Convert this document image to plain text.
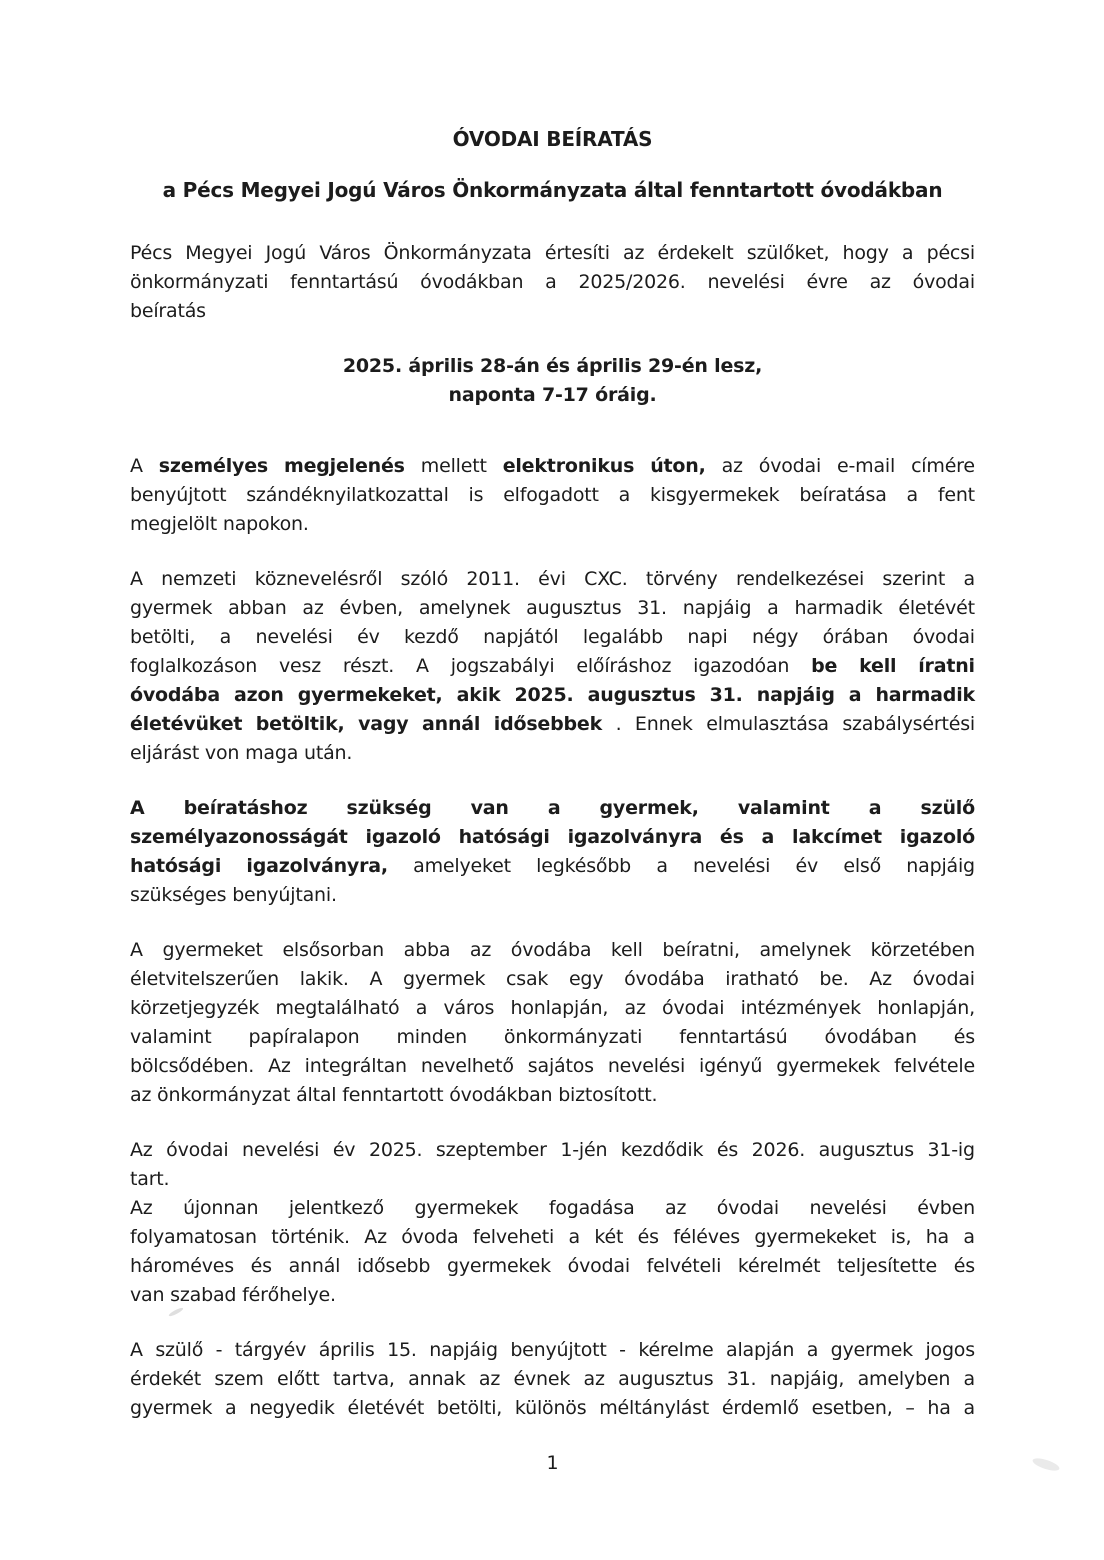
ÓVODAI BEÍRATÁS
a Pécs Megyei Jogú Város Önkormányzata által fenntartott óvodákban
Pécs Megyei Jogú Város Önkormányzata értesíti az érdekelt szülőket, hogy a pécsi
önkormányzati fenntartású óvodákban a 2025/2026. nevelési évre az óvodai
beíratás
2025. április 28-án és április 29-én lesz,
naponta 7-17 óráig.
A személyes megjelenés mellett elektronikus úton, az óvodai e-mail címére
benyújtott szándéknyilatkozattal is elfogadott a kisgyermekek beíratása a fent
megjelölt napokon.
A nemzeti köznevelésről szóló 2011. évi CXC. törvény rendelkezései szerint a
gyermek abban az évben, amelynek augusztus 31. napjáig a harmadik életévét
betölti, a nevelési év kezdő napjától legalább napi négy órában óvodai
foglalkozáson vesz részt. A jogszabályi előíráshoz igazodóan be kell íratni
óvodába azon gyermekeket, akik 2025. augusztus 31. napjáig a harmadik
életévüket betöltik, vagy annál idősebbek . Ennek elmulasztása szabálysértési
eljárást von maga után.
A beíratáshoz szükség van a gyermek, valamint a szülő
személyazonosságát igazoló hatósági igazolványra és a lakcímet igazoló
hatósági igazolványra, amelyeket legkésőbb a nevelési év első napjáig
szükséges benyújtani.
A gyermeket elsősorban abba az óvodába kell beíratni, amelynek körzetében
életvitelszerűen lakik. A gyermek csak egy óvodába iratható be. Az óvodai
körzetjegyzék megtalálható a város honlapján, az óvodai intézmények honlapján,
valamint papíralapon minden önkormányzati fenntartású óvodában és
bölcsődében. Az integráltan nevelhető sajátos nevelési igényű gyermekek felvétele
az önkormányzat által fenntartott óvodákban biztosított.
Az óvodai nevelési év 2025. szeptember 1-jén kezdődik és 2026. augusztus 31-ig
tart.
Az újonnan jelentkező gyermekek fogadása az óvodai nevelési évben
folyamatosan történik. Az óvoda felveheti a két és féléves gyermekeket is, ha a
hároméves és annál idősebb gyermekek óvodai felvételi kérelmét teljesítette és
van szabad férőhelye.
A szülő - tárgyév április 15. napjáig benyújtott - kérelme alapján a gyermek jogos
érdekét szem előtt tartva, annak az évnek az augusztus 31. napjáig, amelyben a
gyermek a negyedik életévét betölti, különös méltánylást érdemlő esetben, – ha a
1
